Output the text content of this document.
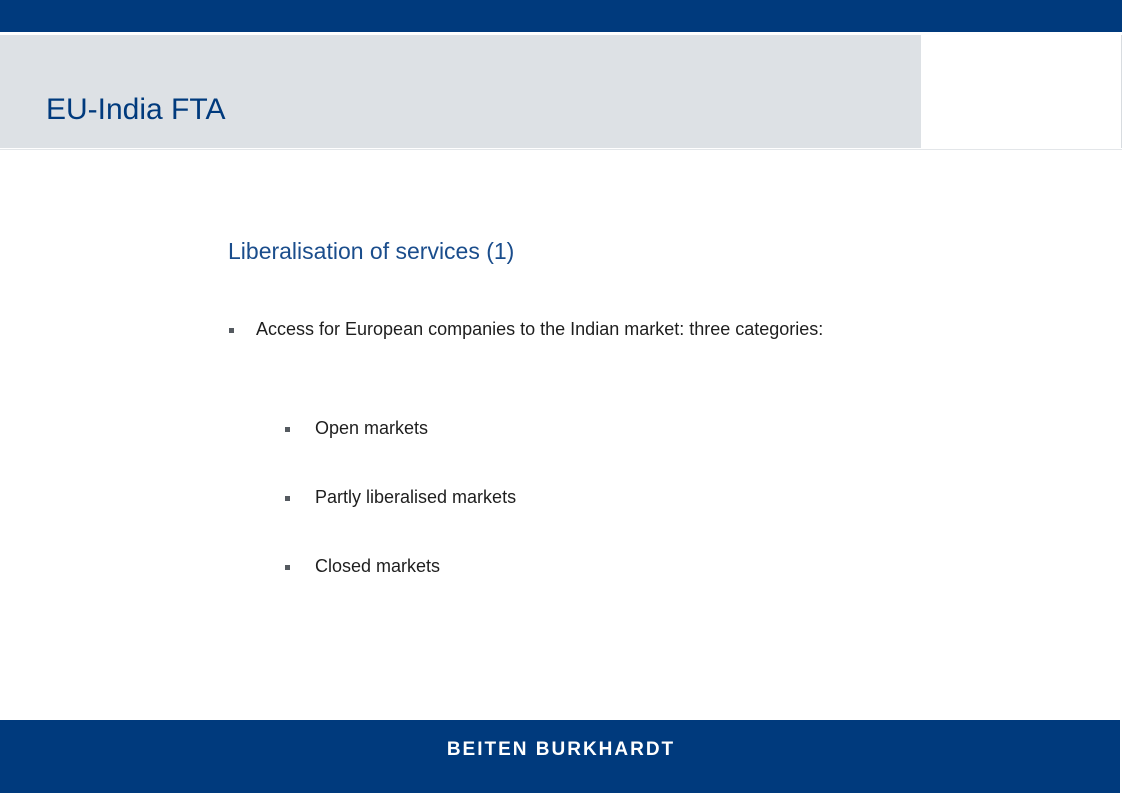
EU-India FTA
Liberalisation of services (1)
Access for European companies to the Indian market: three categories:
Open markets
Partly liberalised markets
Closed markets
BEITEN BURKHARDT
